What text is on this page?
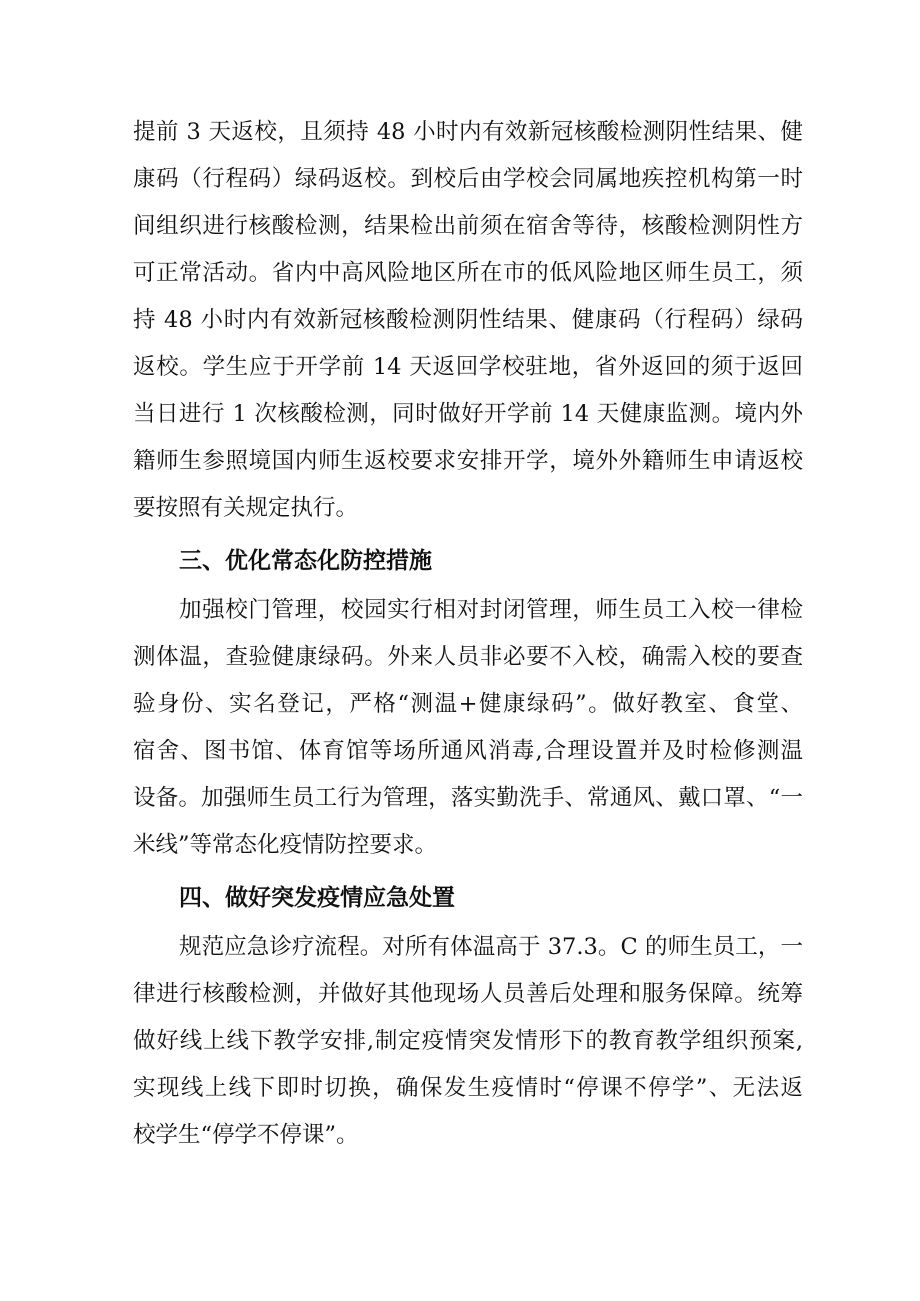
提前 3 天返校，且须持 48 小时内有效新冠核酸检测阴性结果、健
康码（行程码）绿码返校。到校后由学校会同属地疾控机构第一时
间组织进行核酸检测，结果检出前须在宿舍等待，核酸检测阴性方
可正常活动。省内中高风险地区所在市的低风险地区师生员工，须
持 48 小时内有效新冠核酸检测阴性结果、健康码（行程码）绿码
返校。学生应于开学前 14 天返回学校驻地，省外返回的须于返回
当日进行 1 次核酸检测，同时做好开学前 14 天健康监测。境内外
籍师生参照境国内师生返校要求安排开学，境外外籍师生申请返校
要按照有关规定执行。
三、优化常态化防控措施
加强校门管理，校园实行相对封闭管理，师生员工入校一律检
测体温，查验健康绿码。外来人员非必要不入校，确需入校的要查
验身份、实名登记，严格“测温+健康绿码”。做好教室、食堂、
宿舍、图书馆、体育馆等场所通风消毒,合理设置并及时检修测温
设备。加强师生员工行为管理，落实勤洗手、常通风、戴口罩、“一
米线”等常态化疫情防控要求。
四、做好突发疫情应急处置
规范应急诊疗流程。对所有体温高于 37.3。C 的师生员工，一
律进行核酸检测，并做好其他现场人员善后处理和服务保障。统筹
做好线上线下教学安排,制定疫情突发情形下的教育教学组织预案,
实现线上线下即时切换，确保发生疫情时“停课不停学”、无法返
校学生“停学不停课”。
